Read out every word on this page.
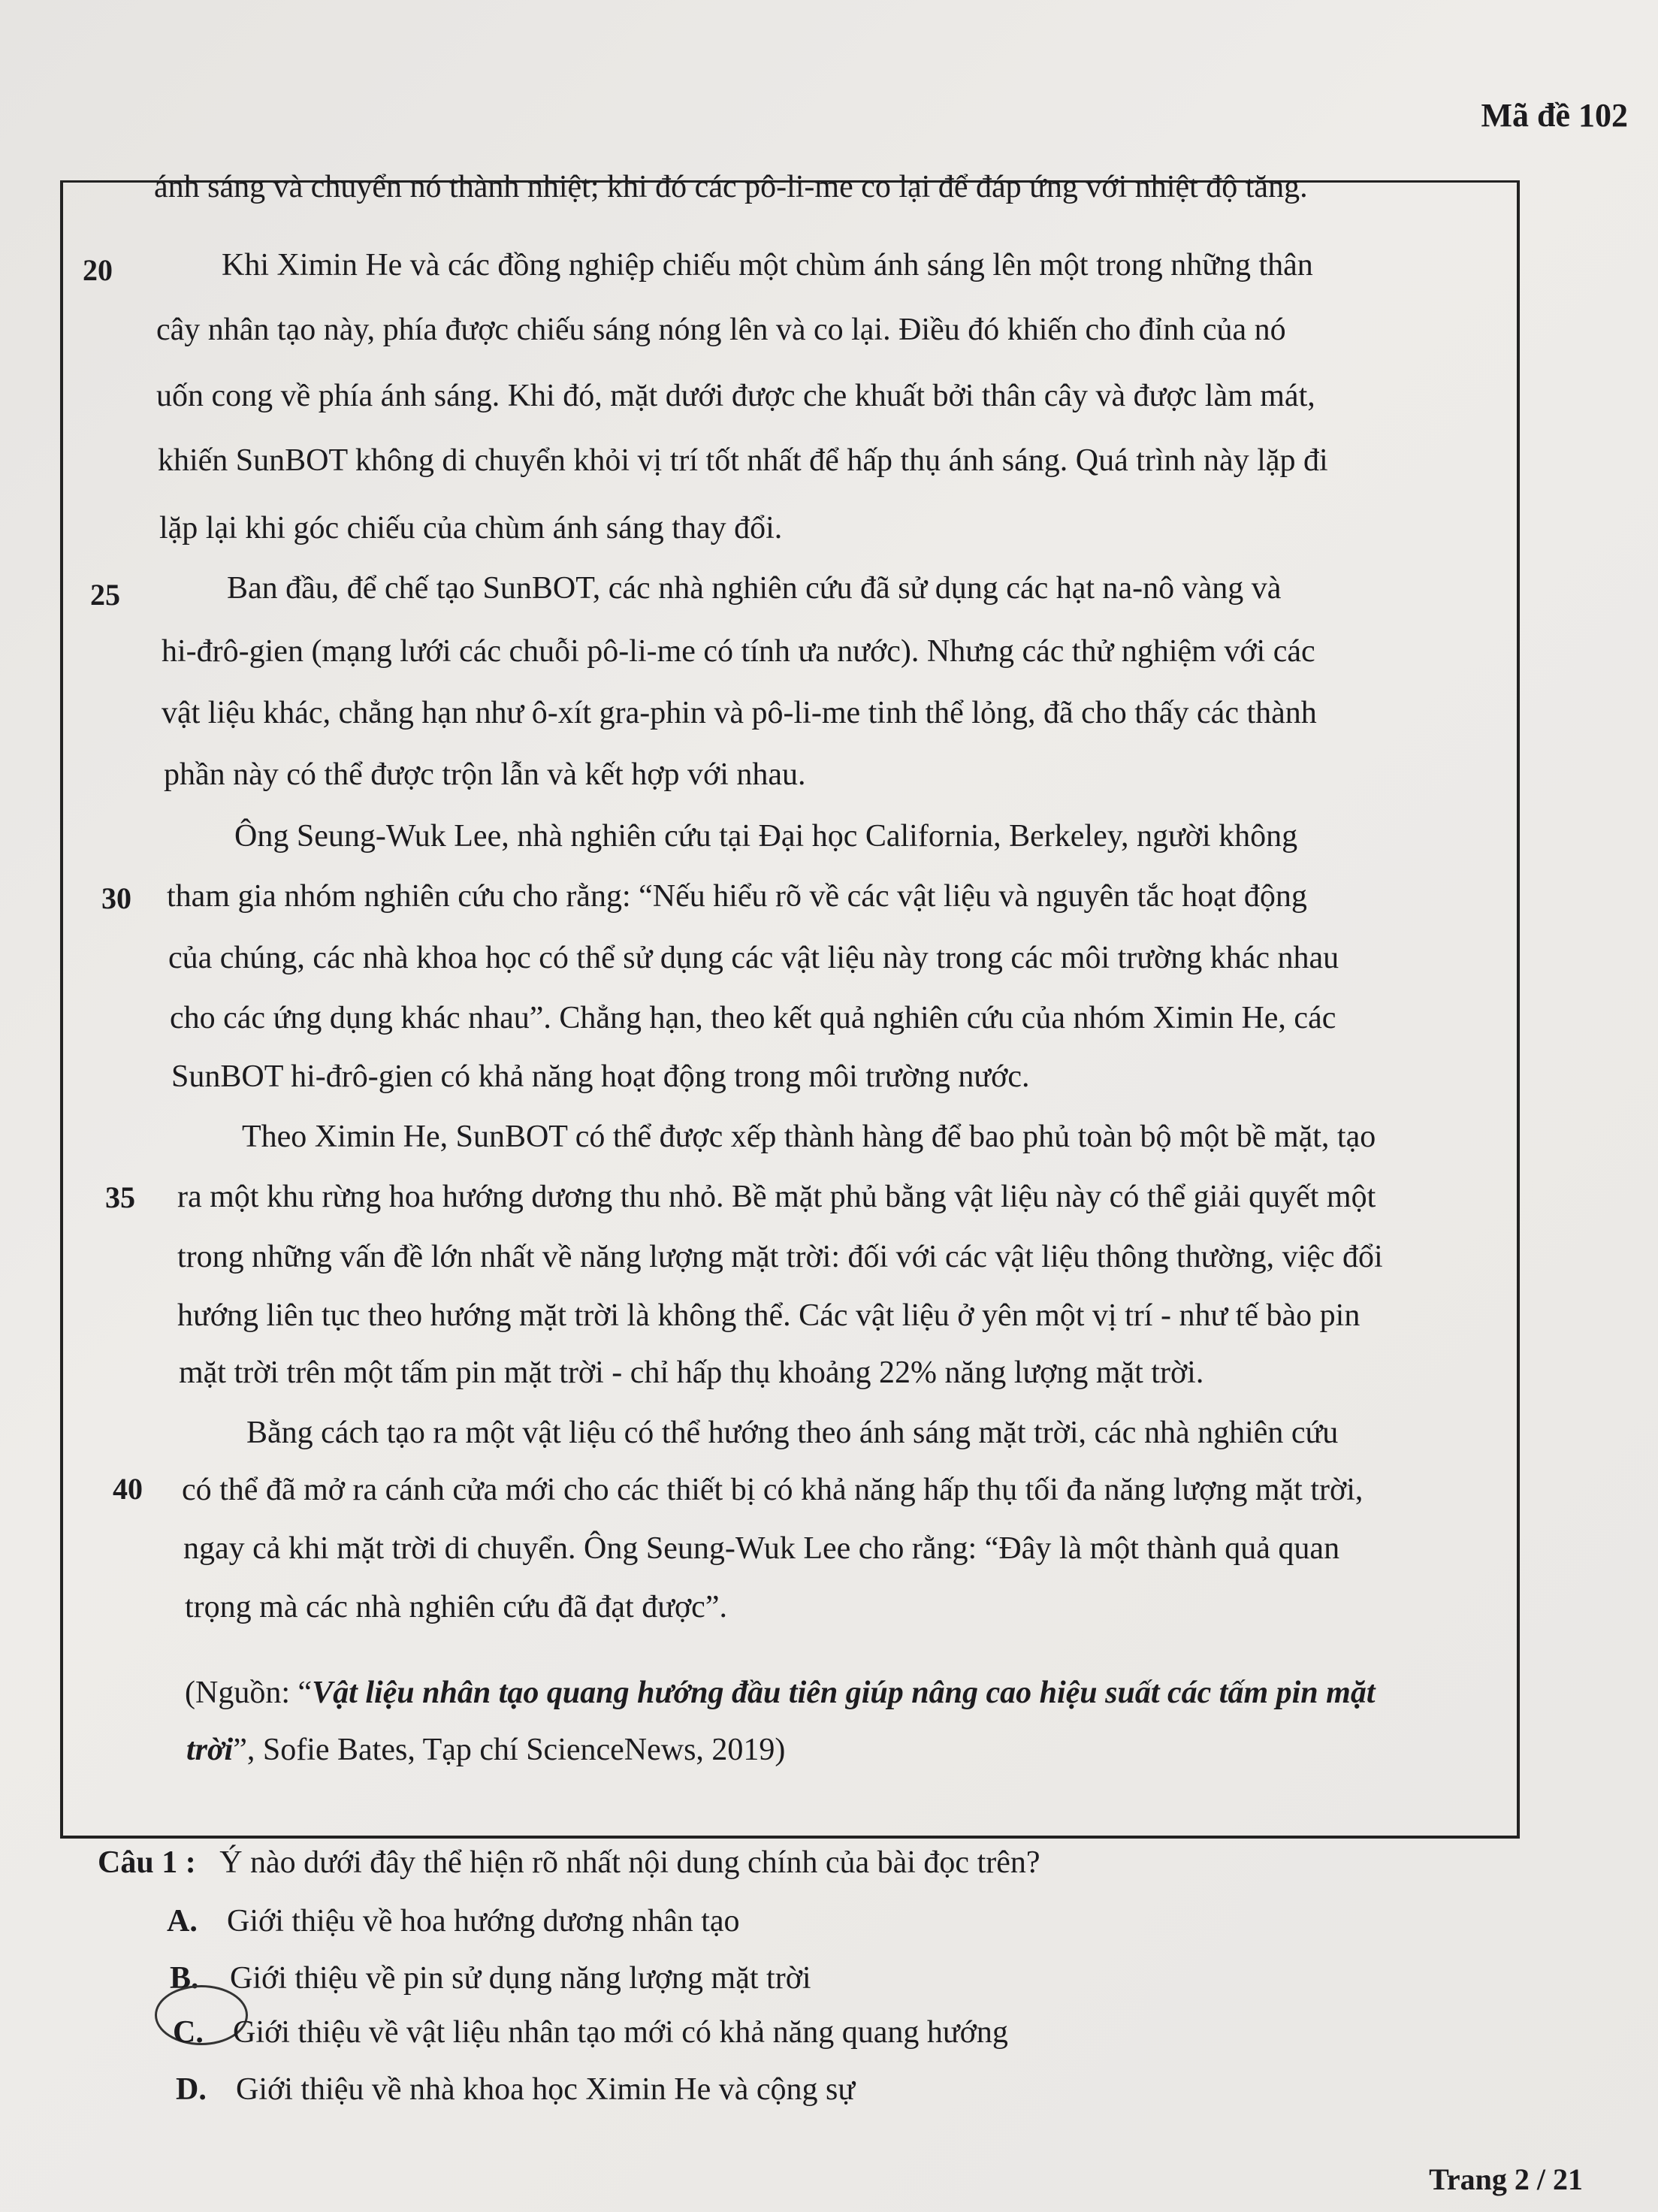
Mã đề 102
ánh sáng và chuyển nó thành nhiệt; khi đó các pô-li-me co lại để đáp ứng với nhiệt độ tăng.
20	Khi Ximin He và các đồng nghiệp chiếu một chùm ánh sáng lên một trong những thân
cây nhân tạo này, phía được chiếu sáng nóng lên và co lại. Điều đó khiến cho đỉnh của nó
uốn cong về phía ánh sáng. Khi đó, mặt dưới được che khuất bởi thân cây và được làm mát,
khiến SunBOT không di chuyển khỏi vị trí tốt nhất để hấp thụ ánh sáng. Quá trình này lặp đi
lặp lại khi góc chiếu của chùm ánh sáng thay đổi.
25	Ban đầu, để chế tạo SunBOT, các nhà nghiên cứu đã sử dụng các hạt na-nô vàng và
hi-đrô-gien (mạng lưới các chuỗi pô-li-me có tính ưa nước). Nhưng các thử nghiệm với các
vật liệu khác, chẳng hạn như ô-xít gra-phin và pô-li-me tinh thể lỏng, đã cho thấy các thành
phần này có thể được trộn lẫn và kết hợp với nhau.
Ông Seung-Wuk Lee, nhà nghiên cứu tại Đại học California, Berkeley, người không
30 tham gia nhóm nghiên cứu cho rằng: “Nếu hiểu rõ về các vật liệu và nguyên tắc hoạt động
của chúng, các nhà khoa học có thể sử dụng các vật liệu này trong các môi trường khác nhau
cho các ứng dụng khác nhau”. Chẳng hạn, theo kết quả nghiên cứu của nhóm Ximin He, các
SunBOT hi-đrô-gien có khả năng hoạt động trong môi trường nước.
Theo Ximin He, SunBOT có thể được xếp thành hàng để bao phủ toàn bộ một bề mặt, tạo
35 ra một khu rừng hoa hướng dương thu nhỏ. Bề mặt phủ bằng vật liệu này có thể giải quyết một
trong những vấn đề lớn nhất về năng lượng mặt trời: đối với các vật liệu thông thường, việc đổi
hướng liên tục theo hướng mặt trời là không thể. Các vật liệu ở yên một vị trí - như tế bào pin
mặt trời trên một tấm pin mặt trời - chỉ hấp thụ khoảng 22% năng lượng mặt trời.
Bằng cách tạo ra một vật liệu có thể hướng theo ánh sáng mặt trời, các nhà nghiên cứu
40 có thể đã mở ra cánh cửa mới cho các thiết bị có khả năng hấp thụ tối đa năng lượng mặt trời,
ngay cả khi mặt trời di chuyển. Ông Seung-Wuk Lee cho rằng: “Đây là một thành quả quan
trọng mà các nhà nghiên cứu đã đạt được”.
(Nguồn: “Vật liệu nhân tạo quang hướng đầu tiên giúp nâng cao hiệu suất các tấm pin mặt
trời”, Sofie Bates, Tạp chí ScienceNews, 2019)
Câu 1 : Ý nào dưới đây thể hiện rõ nhất nội dung chính của bài đọc trên?
A. Giới thiệu về hoa hướng dương nhân tạo
B. Giới thiệu về pin sử dụng năng lượng mặt trời
C. Giới thiệu về vật liệu nhân tạo mới có khả năng quang hướng
D. Giới thiệu về nhà khoa học Ximin He và cộng sự
Trang 2 / 21
